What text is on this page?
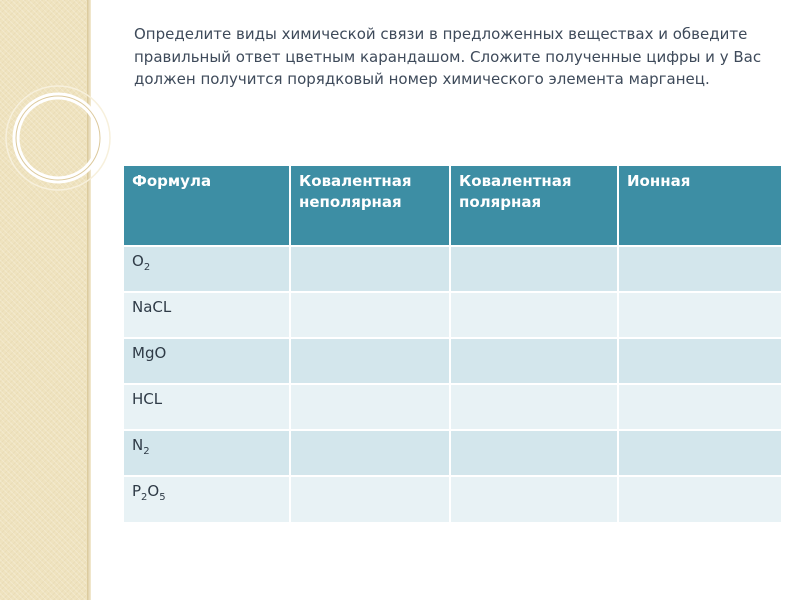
Определите виды химической связи в предложенных веществах и обведите правильный ответ цветным карандашом. Сложите полученные цифры и у Вас должен получится порядковый номер химического элемента марганец.

Формула	Ковалентная неполярная	Ковалентная полярная	Ионная
$O_2$			
NaCL			
MgO			
HCL			
$N_2$			
$P_2O_5$			
